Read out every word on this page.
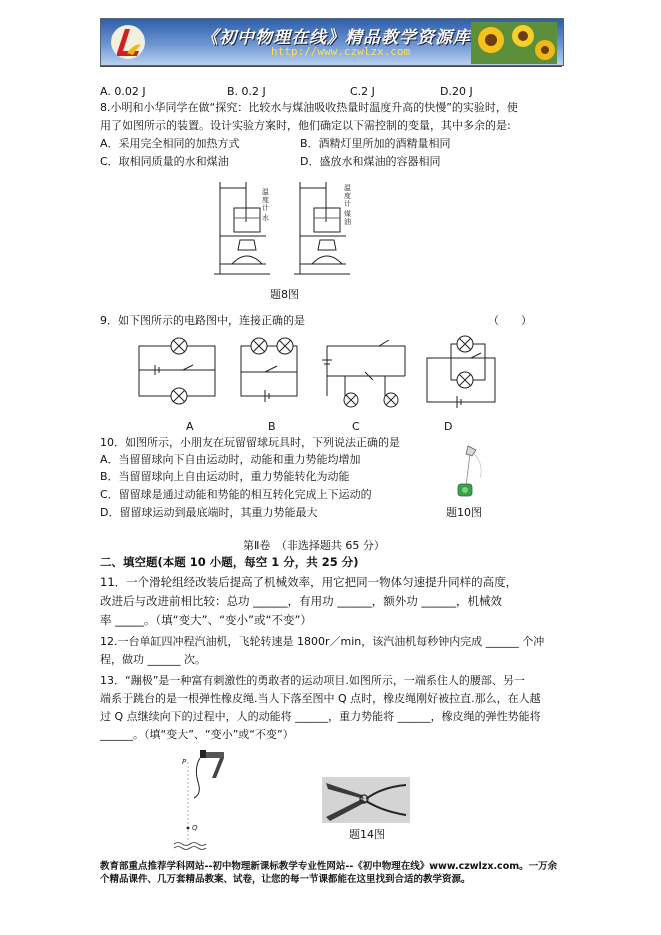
《初中物理在线》精品教学资源库
http://www.czwlzx.com
A. 0.02 J	B. 0.2 J	C.2 J	D.20 J
8.小明和小华同学在做“探究：比较水与煤油吸收热量时温度升高的快慢”的实验时，使
用了如图所示的装置。设计实验方案时，他们确定以下需控制的变量，其中多余的是:
A．采用完全相同的加热方式	B．酒精灯里所加的酒精量相同
C．取相同质量的水和煤油	D．盛放水和煤油的容器相同
温
度
计
水
温
度
计
煤
油
题8图
9．如下图所示的电路图中，连接正确的是	（　　）
A	B	C	D
10．如图所示，小朋友在玩留留球玩具时，下列说法正确的是
A．当留留球向下自由运动时，动能和重力势能均增加
B．当留留球向上自由运动时，重力势能转化为动能
C．留留球是通过动能和势能的相互转化完成上下运动的
D．留留球运动到最底端时，其重力势能最大	题10图
第Ⅱ卷　（非选择题共 65 分）
二、填空题(本题 10 小题，每空 1 分，共 25 分)
11．一个滑轮组经改装后提高了机械效率，用它把同一物体匀速提升同样的高度，
改进后与改进前相比较：总功 ______，有用功 ______，额外功 ______，机械效
率 _____。（填“变大”、“变小”或“不变”）
12.一台单缸四冲程汽油机，飞轮转速是 1800r／min，该汽油机每秒钟内完成 ______ 个冲
程，做功 ______ 次。
13．“蹦极”是一种富有刺激性的勇敢者的运动项目.如图所示，一端系住人的腰部、另一
端系于跳台的是一根弹性橡皮绳.当人下落至图中 Q 点时，橡皮绳刚好被拉直.那么，在人越
过 Q 点继续向下的过程中，人的动能将 ______，重力势能将 ______，橡皮绳的弹性势能将
______。（填“变大”、“变小”或“不变”）
P
Q	题14图
教育部重点推荐学科网站--初中物理新课标教学专业性网站--《初中物理在线》www.czwlzx.com。一万余
个精品课件、几万套精品教案、试卷，让您的每一节课都能在这里找到合适的教学资源。
